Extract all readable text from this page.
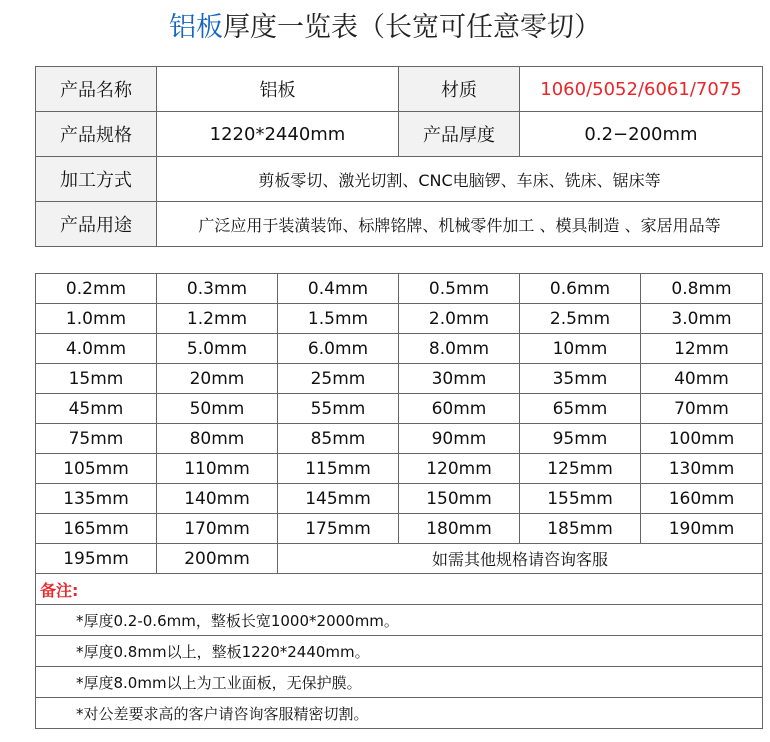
铝板厚度一览表（长宽可任意零切）
产品名称	铝板	材质	1060/5052/6061/7075
产品规格	1220*2440mm	产品厚度	0.2−200mm
加工方式	剪板零切、激光切割、CNC电脑锣、车床、铣床、锯床等		
产品用途	广泛应用于装潢装饰、标牌铭牌、机械零件加工 、模具制造 、家居用品等		
0.2mm	0.3mm	0.4mm	0.5mm	0.6mm	0.8mm
1.0mm	1.2mm	1.5mm	2.0mm	2.5mm	3.0mm
4.0mm	5.0mm	6.0mm	8.0mm	10mm	12mm
15mm	20mm	25mm	30mm	35mm	40mm
45mm	50mm	55mm	60mm	65mm	70mm
75mm	80mm	85mm	90mm	95mm	100mm
105mm	110mm	115mm	120mm	125mm	130mm
135mm	140mm	145mm	150mm	155mm	160mm
165mm	170mm	175mm	180mm	185mm	190mm
195mm	200mm	如需其他规格请咨询客服			
备注:					
*厚度0.2-0.6mm，整板长宽1000*2000mm。					
*厚度0.8mm以上，整板1220*2440mm。					
*厚度8.0mm以上为工业面板，无保护膜。					
*对公差要求高的客户请咨询客服精密切割。					
